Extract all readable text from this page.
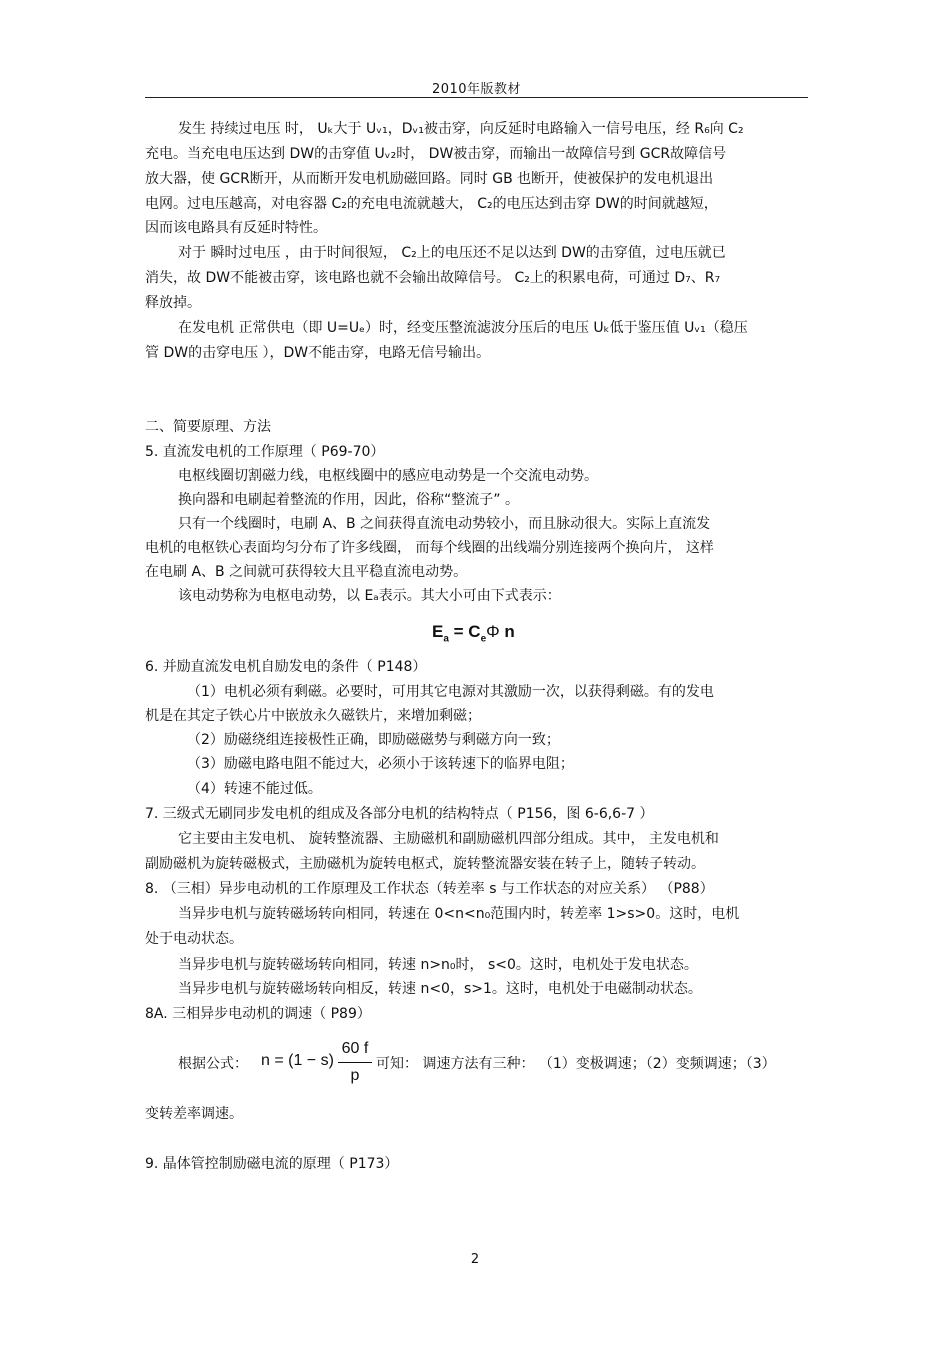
2010年版教材
发生 持续过电压 时， Uₖ大于 Uᵥ₁，Dᵥ₁被击穿，向反延时电路输入一信号电压，经 R₆向 C₂
充电。当充电电压达到 DW的击穿值 Uᵥ₂时， DW被击穿，而输出一故障信号到 GCR故障信号
放大器，使 GCR断开，从而断开发电机励磁回路。同时 GB 也断开，使被保护的发电机退出
电网。过电压越高，对电容器 C₂的充电电流就越大， C₂的电压达到击穿 DW的时间就越短，
因而该电路具有反延时特性。
对于 瞬时过电压 ，由于时间很短， C₂上的电压还不足以达到 DW的击穿值，过电压就已
消失，故 DW不能被击穿，该电路也就不会输出故障信号。 C₂上的积累电荷，可通过 D₇、R₇
释放掉。
在发电机 正常供电（即 U=Uₑ）时，经变压整流滤波分压后的电压 Uₖ低于鉴压值 Uᵥ₁（稳压
管 DW的击穿电压 ），DW不能击穿，电路无信号输出。
二、简要原理、方法
5. 直流发电机的工作原理（ P69-70）
电枢线圈切割磁力线，电枢线圈中的感应电动势是一个交流电动势。
换向器和电刷起着整流的作用，因此，俗称“整流子” 。
只有一个线圈时，电刷 A、B 之间获得直流电动势较小，而且脉动很大。实际上直流发
电机的电枢铁心表面均匀分布了许多线圈， 而每个线圈的出线端分别连接两个换向片， 这样
在电刷 A、B 之间就可获得较大且平稳直流电动势。
该电动势称为电枢电动势，以 Eₐ表示。其大小可由下式表示：
$E_a = C_e\Phi$ n
6. 并励直流发电机自励发电的条件（ P148）
（1）电机必须有剩磁。必要时，可用其它电源对其激励一次，以获得剩磁。有的发电
机是在其定子铁心片中嵌放永久磁铁片，来增加剩磁；
（2）励磁绕组连接极性正确，即励磁磁势与剩磁方向一致；
（3）励磁电路电阻不能过大，必须小于该转速下的临界电阻；
（4）转速不能过低。
7. 三级式无刷同步发电机的组成及各部分电机的结构特点（ P156，图 6-6,6-7 ）
它主要由主发电机、 旋转整流器、主励磁机和副励磁机四部分组成。其中， 主发电机和
副励磁机为旋转磁极式，主励磁机为旋转电枢式，旋转整流器安装在转子上，随转子转动。
8. （三相）异步电动机的工作原理及工作状态（转差率 s 与工作状态的对应关系） （P88）
当异步电机与旋转磁场转向相同，转速在 0<n<n₀范围内时，转差率 1>s>0。这时，电机
处于电动状态。
当异步电机与旋转磁场转向相同，转速 n>n₀时， s<0。这时，电机处于发电状态。
当异步电机与旋转磁场转向相反，转速 n<0，s>1。这时，电机处于电磁制动状态。
8A. 三相异步电动机的调速（ P89）
根据公式： n = (1 − s)
60 f
p
可知： 调速方法有三种： （1）变极调速；（2）变频调速；（3）
变转差率调速。
9. 晶体管控制励磁电流的原理（ P173）
2
